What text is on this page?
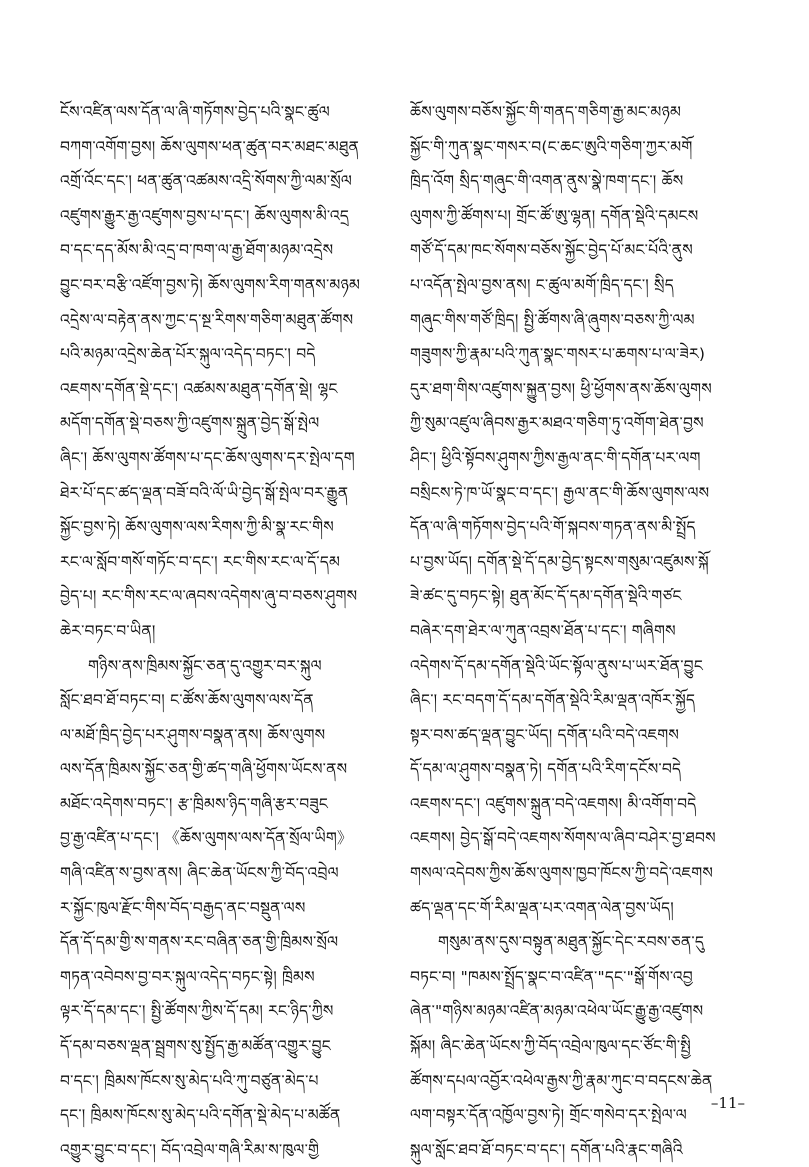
ངོས་འཛིན་ལས་དོན་ལ་ཞི་གཏོགས་བྱེད་པའི་སྣང་ཚུལ
བཀག་འགོག་བྱས། ཆོས་ལུགས་ཕན་ཚུན་བར་མཐང་མཐུན
འགྲོ་འོང་དང་། ཕན་ཚུན་འཚམས་འདྲི་སོགས་ཀྱི་ལམ་སྲོལ
འཛུགས་རྒྱུར་རྒྱ་འཛུགས་བྱས་པ་དང་། ཆོས་ལུགས་མི་འདྲ
བ་དང་དད་མོས་མི་འདྲ་བ་ཁག་ལ་རྒྱ་ཐོག་མཉམ་འདྲེས
བྱུང་བར་བརྩི་འཛོག་བྱས་ཏེ། ཆོས་ལུགས་རིག་གནས་མཉམ
འདྲེས་ལ་བརྟེན་ནས་ཀྱང་ད་སྔ་རིགས་གཅིག་མཐུན་ཚོགས
པའི་མཉམ་འདྲེས་ཆེན་པོར་སྐུལ་འདེད་བཏང་། བདེ
འཇགས་དགོན་སྡེ་དང་། འཚམས་མཐུན་དགོན་སྡེ། ལྷང
མདོག་དགོན་སྡེ་བཅས་ཀྱི་འཛུགས་སྐྲུན་བྱེད་སྒོ་སྤེལ
ཞིང་། ཆོས་ལུགས་ཚོགས་པ་དང་ཆོས་ལུགས་དར་སྤེལ་དག
ཐེར་པོ་དང་ཚད་ལྡན་བཟོ་བའི་ལོ་ཡི་བྱེད་སྒོ་སྤེལ་བར་རྒྱུན
སྐྱོང་བྱས་ཏེ། ཆོས་ལུགས་ལས་རིགས་ཀྱི་མི་སྣ་རང་གིས
རང་ལ་སློབ་གསོ་གཏོང་བ་དང་། རང་གིས་རང་ལ་དོ་དམ
བྱེད་པ། རང་གིས་རང་ལ་ཞབས་འདེགས་ཞུ་བ་བཅས་ཤུགས
ཆེར་བཏང་བ་ཡིན།
གཉིས་ནས་ཁྲིམས་སྐྱོང་ཅན་དུ་འགྱུར་བར་སྐུལ
སློང་ཐབ་ཐོ་བཏང་བ། ང་ཚོས་ཆོས་ལུགས་ལས་དོན
ལ་མཐོ་ཁྲིད་བྱེད་པར་ཤུགས་བསྣན་ནས། ཆོས་ལུགས
ལས་དོན་ཁྲིམས་སྐྱོང་ཅན་གྱི་ཚད་གཞི་ཕྱོགས་ཡོངས་ནས
མཐོང་འདེགས་བཏང་། རྩ་ཁྲིམས་ཉིད་གཞི་རྩར་བཟུང
བྱ་རྒྱ་འཛིན་པ་དང་། 《ཆོས་ལུགས་ལས་དོན་སྲོལ་ཡིག》
གཞི་འཛིན་ས་བྱས་ནས། ཞིང་ཆེན་ཡོངས་ཀྱི་བོད་འབྲེལ
ར་སྐྱོང་ཁུལ་རྫོང་གིས་བོད་བརྒྱད་ནང་བསྡུན་ལས
དོན་དོ་དམ་གྱི་ས་གནས་རང་བཞིན་ཅན་གྱི་ཁྲིམས་སྲོལ
གཏན་འབེབས་བྱ་བར་སྐུལ་འདེད་བཏང་སྟེ། ཁྲིམས
ལྟར་དོ་དམ་དང་། སྤྱི་ཚོགས་ཀྱིས་དོ་དམ། རང་ཉིད་ཀྱིས
དོ་དམ་བཅས་ལྡན་སྦྲགས་སུ་སྤྱོད་རྒྱ་མཚོན་འགྱུར་བྱུང
བ་དང་། ཁྲིམས་ཁོངས་སུ་མེད་པའི་ཀུ་བཙུན་མེད་པ
དང་། ཁྲིམས་ཁོངས་སུ་མེད་པའི་དགོན་སྡེ་མེད་པ་མཚོན
འགྱུར་བྱུང་བ་དང་། བོད་འབྲེལ་གཞི་རིམ་ས་ཁུལ་གྱི
ཆོས་ལུགས་བཅོས་སྐྱོང་གི་གནད་གཅིག་རྒྱ་མང་མཉམ
སྐྱོང་གི་ཀུན་སྣང་གསར་བ(ང་ཆང་ཨུའི་གཅིག་ཀྱར་མགོ
ཁྲིད་འོག སྲིད་གཞུང་གི་འགན་ནུས་སྣེ་ཁག་དང་། ཆོས
ལུགས་ཀྱི་ཚོགས་པ། གྲོང་ཚོ་ཨུ་ལྷན། དགོན་སྡེའི་དམངས
གཙོ་དོ་དམ་ཁང་སོགས་བཅོས་སྐྱོང་བྱེད་པོ་མང་པོའི་ནུས
པ་འདོན་སྤེལ་བྱས་ནས། ང་ཚུལ་མགོ་ཁྲིད་དང་། སྲིད
གཞུང་གིས་གཙོ་ཁྲིད། སྤྱི་ཚོགས་ཞི་ཞུགས་བཅས་ཀྱི་ལམ
གཟུགས་ཀྱི་རྣམ་པའི་ཀུན་སྣང་གསར་པ་ཆགས་པ་ལ་ཟེར)
དུར་ཐག་གིས་འཛུགས་སྐྱུན་བྱས། ཕྱི་ཕྱོགས་ནས་ཆོས་ལུགས
ཀྱི་སུམ་འཛུལ་ཞིབས་རྒྱར་མཐའ་གཅིག་ཏུ་འགོག་ཐེན་བྱས
ཤིང་། ཕྱིའི་སྟོབས་ཤུགས་ཀྱིས་རྒྱལ་ནང་གི་དགོན་པར་ལག
བསྲིངས་ཏེ་ཁ་ཡོ་སྣང་བ་དང་། རྒྱལ་ནང་གི་ཆོས་ལུགས་ལས
དོན་ལ་ཞི་གཏོགས་བྱེད་པའི་གོ་སྐབས་གཏན་ནས་མི་སྤྲོད
པ་བྱས་ཡོད། དགོན་སྡེ་དོ་དམ་བྱེད་སྟངས་གསུམ་འཛུམས་སྐོ
ཟེ་ཚང་དུ་བཏང་སྟེ། ཐུན་མོང་དོ་དམ་དགོན་སྡེའི་གཙང
བཞེར་དག་ཐེར་ལ་ཀུན་འབྲས་ཐོན་པ་དང་། གཞིགས
འདེགས་དོ་དམ་དགོན་སྡེའི་ཡོང་སྟོལ་ནུས་པ་ཡར་ཐོན་བྱུང
ཞིང་། རང་བདག་དོ་དམ་དགོན་སྡེའི་རིམ་ལྡན་འཁོར་སྐྱོད
སྟར་བས་ཚད་ལྡན་བྱུང་ཡོད། དགོན་པའི་བདེ་འཇགས
དོ་དམ་ལ་ཤུགས་བསྣན་ཏེ། དགོན་པའི་རིག་དངོས་བདེ
འཇགས་དང་། འཛུགས་སྐྲུན་བདེ་འཇགས། མི་འགོག་བདེ
འཇགས། བྱེད་སྒོ་བདེ་འཇགས་སོགས་ལ་ཞིབ་བཤེར་བྱ་ཐབས
གསལ་འདེབས་ཀྱིས་ཆོས་ལུགས་ཁྱབ་ཁོངས་ཀྱི་བདེ་འཇགས
ཚད་ལྡན་དང་གོ་རིམ་ལྡན་པར་འགན་ལེན་བྱས་ཡོད།
གསུམ་ནས་དུས་བསྟུན་མཐུན་སྐྱོང་དེང་རབས་ཅན་དུ
བཏང་བ། "ཁམས་སྤྲོད་སྣང་བ་འཛིན་"དང་"སྒོ་གོས་འབྱ
ཞེན་"གཉིས་མཉམ་འཛིན་མཉམ་འཕེལ་ཡོང་རྒྱུ་རྒྱ་འཛུགས
སྐོམ། ཞིང་ཆེན་ཡོངས་ཀྱི་བོད་འབྲེལ་ཁུལ་དང་ཙོང་གི་སྤྱི
ཚོགས་དཔལ་འབྱོར་འཕེལ་རྒྱས་ཀྱི་རྣམ་ཀུང་བ་བདངས་ཆེན
ལག་བསྟར་དོན་འཁྱོལ་བྱས་ཏེ། གྲོང་གསེབ་དར་སྤེལ་ལ
སྐུལ་སློང་ཐབ་ཐོ་བཏང་བ་དང་། དགོན་པའི་རྣང་གཞིའི
–11–
